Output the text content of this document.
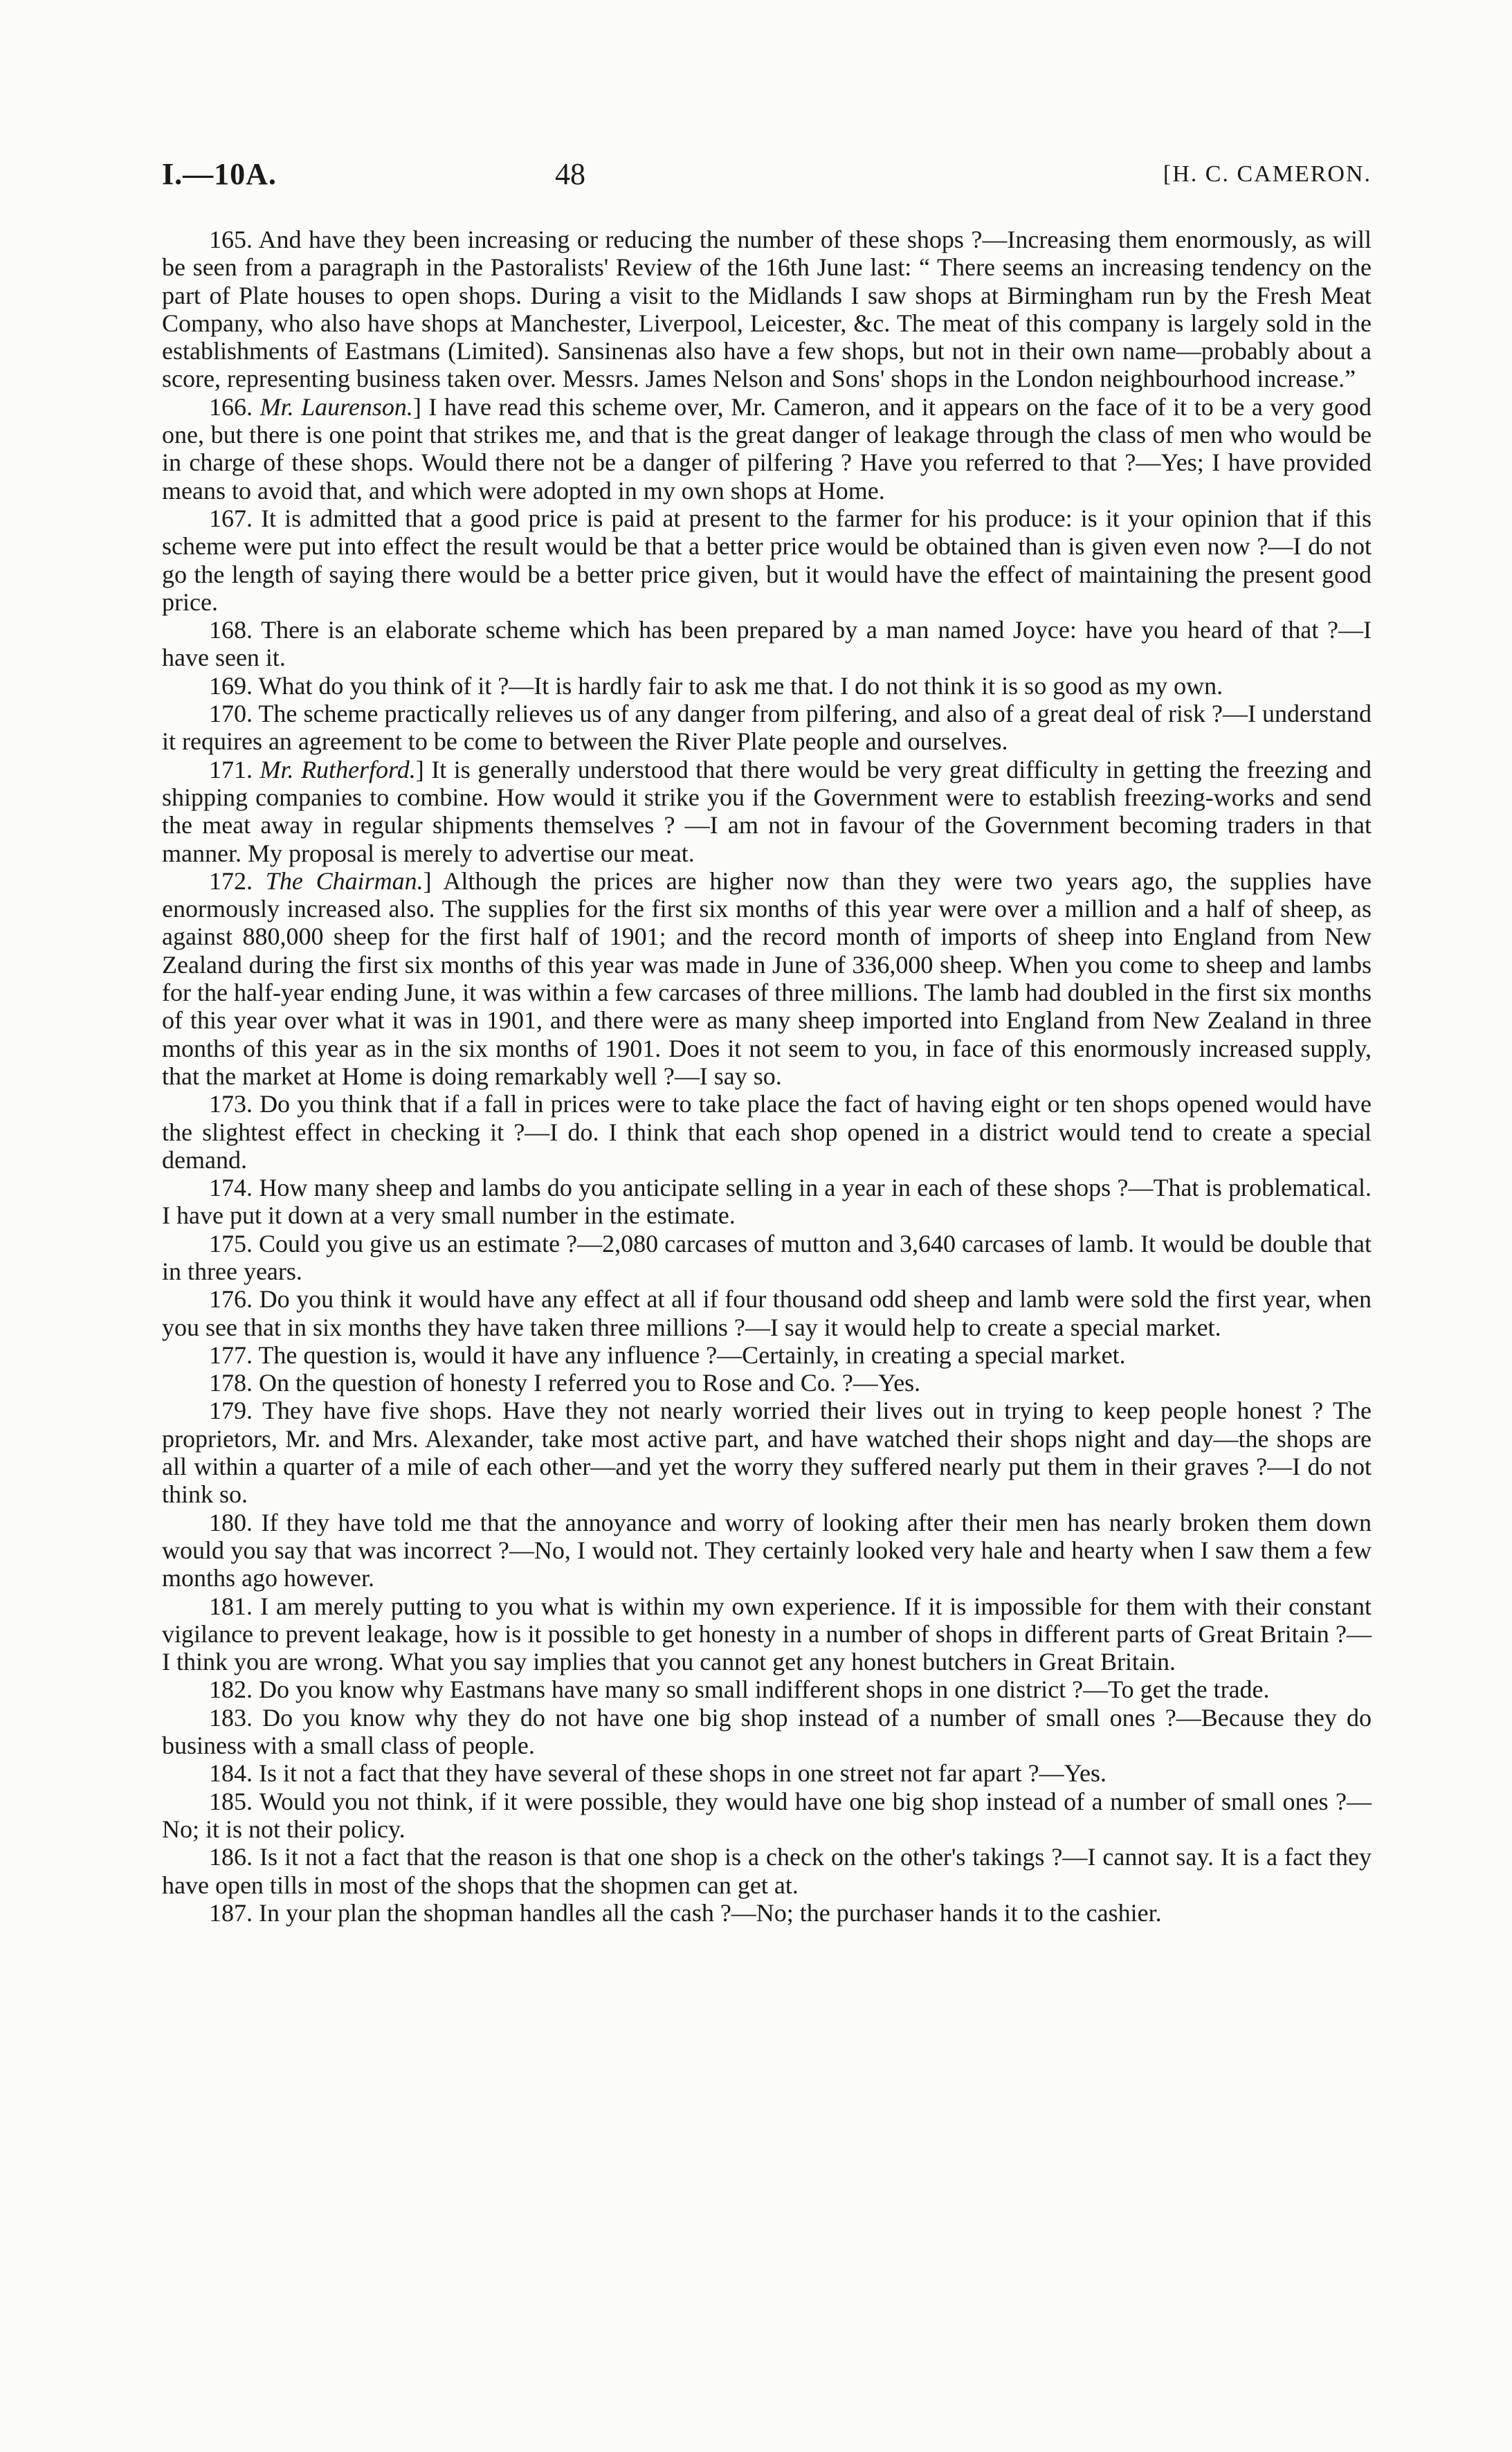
I.—10A.	48	[H. C. CAMERON.

165. And have they been increasing or reducing the number of these shops ?—Increasing them enormously, as will be seen from a paragraph in the Pastoralists' Review of the 16th June last: “ There seems an increasing tendency on the part of Plate houses to open shops. During a visit to the Midlands I saw shops at Birmingham run by the Fresh Meat Company, who also have shops at Manchester, Liverpool, Leicester, &c. The meat of this company is largely sold in the establishments of Eastmans (Limited). Sansinenas also have a few shops, but not in their own name—probably about a score, representing business taken over. Messrs. James Nelson and Sons' shops in the London neighbourhood increase.”

166. Mr. Laurenson.] I have read this scheme over, Mr. Cameron, and it appears on the face of it to be a very good one, but there is one point that strikes me, and that is the great danger of leakage through the class of men who would be in charge of these shops. Would there not be a danger of pilfering ? Have you referred to that ?—Yes; I have provided means to avoid that, and which were adopted in my own shops at Home.

167. It is admitted that a good price is paid at present to the farmer for his produce: is it your opinion that if this scheme were put into effect the result would be that a better price would be obtained than is given even now ?—I do not go the length of saying there would be a better price given, but it would have the effect of maintaining the present good price.

168. There is an elaborate scheme which has been prepared by a man named Joyce: have you heard of that ?—I have seen it.

169. What do you think of it ?—It is hardly fair to ask me that. I do not think it is so good as my own.

170. The scheme practically relieves us of any danger from pilfering, and also of a great deal of risk ?—I understand it requires an agreement to be come to between the River Plate people and ourselves.

171. Mr. Rutherford.] It is generally understood that there would be very great difficulty in getting the freezing and shipping companies to combine. How would it strike you if the Government were to establish freezing-works and send the meat away in regular shipments themselves ? —I am not in favour of the Government becoming traders in that manner. My proposal is merely to advertise our meat.

172. The Chairman.] Although the prices are higher now than they were two years ago, the supplies have enormously increased also. The supplies for the first six months of this year were over a million and a half of sheep, as against 880,000 sheep for the first half of 1901; and the record month of imports of sheep into England from New Zealand during the first six months of this year was made in June of 336,000 sheep. When you come to sheep and lambs for the half-year ending June, it was within a few carcases of three millions. The lamb had doubled in the first six months of this year over what it was in 1901, and there were as many sheep imported into England from New Zealand in three months of this year as in the six months of 1901. Does it not seem to you, in face of this enormously increased supply, that the market at Home is doing remarkably well ?—I say so.

173. Do you think that if a fall in prices were to take place the fact of having eight or ten shops opened would have the slightest effect in checking it ?—I do. I think that each shop opened in a district would tend to create a special demand.

174. How many sheep and lambs do you anticipate selling in a year in each of these shops ?—That is problematical. I have put it down at a very small number in the estimate.

175. Could you give us an estimate ?—2,080 carcases of mutton and 3,640 carcases of lamb. It would be double that in three years.

176. Do you think it would have any effect at all if four thousand odd sheep and lamb were sold the first year, when you see that in six months they have taken three millions ?—I say it would help to create a special market.

177. The question is, would it have any influence ?—Certainly, in creating a special market.

178. On the question of honesty I referred you to Rose and Co. ?—Yes.

179. They have five shops. Have they not nearly worried their lives out in trying to keep people honest ? The proprietors, Mr. and Mrs. Alexander, take most active part, and have watched their shops night and day—the shops are all within a quarter of a mile of each other—and yet the worry they suffered nearly put them in their graves ?—I do not think so.

180. If they have told me that the annoyance and worry of looking after their men has nearly broken them down would you say that was incorrect ?—No, I would not. They certainly looked very hale and hearty when I saw them a few months ago however.

181. I am merely putting to you what is within my own experience. If it is impossible for them with their constant vigilance to prevent leakage, how is it possible to get honesty in a number of shops in different parts of Great Britain ?—I think you are wrong. What you say implies that you cannot get any honest butchers in Great Britain.

182. Do you know why Eastmans have many so small indifferent shops in one district ?—To get the trade.

183. Do you know why they do not have one big shop instead of a number of small ones ?—Because they do business with a small class of people.

184. Is it not a fact that they have several of these shops in one street not far apart ?—Yes.

185. Would you not think, if it were possible, they would have one big shop instead of a number of small ones ?—No; it is not their policy.

186. Is it not a fact that the reason is that one shop is a check on the other's takings ?—I cannot say. It is a fact they have open tills in most of the shops that the shopmen can get at.

187. In your plan the shopman handles all the cash ?—No; the purchaser hands it to the cashier.
